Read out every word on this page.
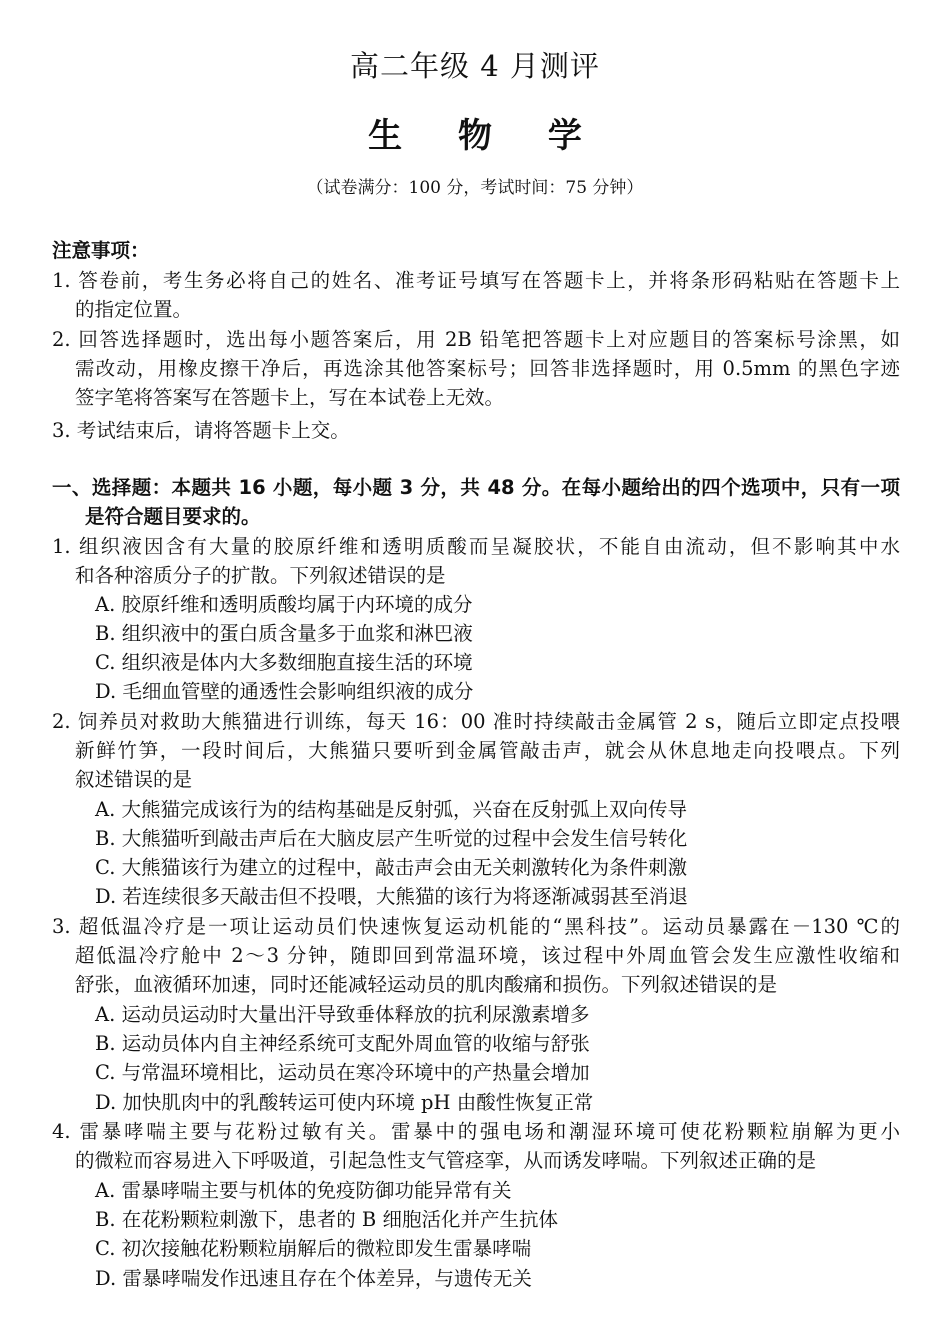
高二年级 4 月测评
生 物 学
（试卷满分：100 分，考试时间：75 分钟）
注意事项：
1. 答卷前，考生务必将自己的姓名、准考证号填写在答题卡上，并将条形码粘贴在答题卡上
的指定位置。
2. 回答选择题时，选出每小题答案后，用 2B 铅笔把答题卡上对应题目的答案标号涂黑，如
需改动，用橡皮擦干净后，再选涂其他答案标号；回答非选择题时，用 0.5mm 的黑色字迹
签字笔将答案写在答题卡上，写在本试卷上无效。
3. 考试结束后，请将答题卡上交。
一、选择题：本题共 16 小题，每小题 3 分，共 48 分。在每小题给出的四个选项中，只有一项
是符合题目要求的。
1. 组织液因含有大量的胶原纤维和透明质酸而呈凝胶状，不能自由流动，但不影响其中水
和各种溶质分子的扩散。下列叙述错误的是
A. 胶原纤维和透明质酸均属于内环境的成分
B. 组织液中的蛋白质含量多于血浆和淋巴液
C. 组织液是体内大多数细胞直接生活的环境
D. 毛细血管壁的通透性会影响组织液的成分
2. 饲养员对救助大熊猫进行训练，每天 16：00 准时持续敲击金属管 2 s，随后立即定点投喂
新鲜竹笋，一段时间后，大熊猫只要听到金属管敲击声，就会从休息地走向投喂点。下列
叙述错误的是
A. 大熊猫完成该行为的结构基础是反射弧，兴奋在反射弧上双向传导
B. 大熊猫听到敲击声后在大脑皮层产生听觉的过程中会发生信号转化
C. 大熊猫该行为建立的过程中，敲击声会由无关刺激转化为条件刺激
D. 若连续很多天敲击但不投喂，大熊猫的该行为将逐渐减弱甚至消退
3. 超低温冷疗是一项让运动员们快速恢复运动机能的“黑科技”。运动员暴露在－130 ℃的
超低温冷疗舱中 2～3 分钟，随即回到常温环境，该过程中外周血管会发生应激性收缩和
舒张，血液循环加速，同时还能减轻运动员的肌肉酸痛和损伤。下列叙述错误的是
A. 运动员运动时大量出汗导致垂体释放的抗利尿激素增多
B. 运动员体内自主神经系统可支配外周血管的收缩与舒张
C. 与常温环境相比，运动员在寒冷环境中的产热量会增加
D. 加快肌肉中的乳酸转运可使内环境 pH 由酸性恢复正常
4. 雷暴哮喘主要与花粉过敏有关。雷暴中的强电场和潮湿环境可使花粉颗粒崩解为更小
的微粒而容易进入下呼吸道，引起急性支气管痉挛，从而诱发哮喘。下列叙述正确的是
A. 雷暴哮喘主要与机体的免疫防御功能异常有关
B. 在花粉颗粒刺激下，患者的 B 细胞活化并产生抗体
C. 初次接触花粉颗粒崩解后的微粒即发生雷暴哮喘
D. 雷暴哮喘发作迅速且存在个体差异，与遗传无关
